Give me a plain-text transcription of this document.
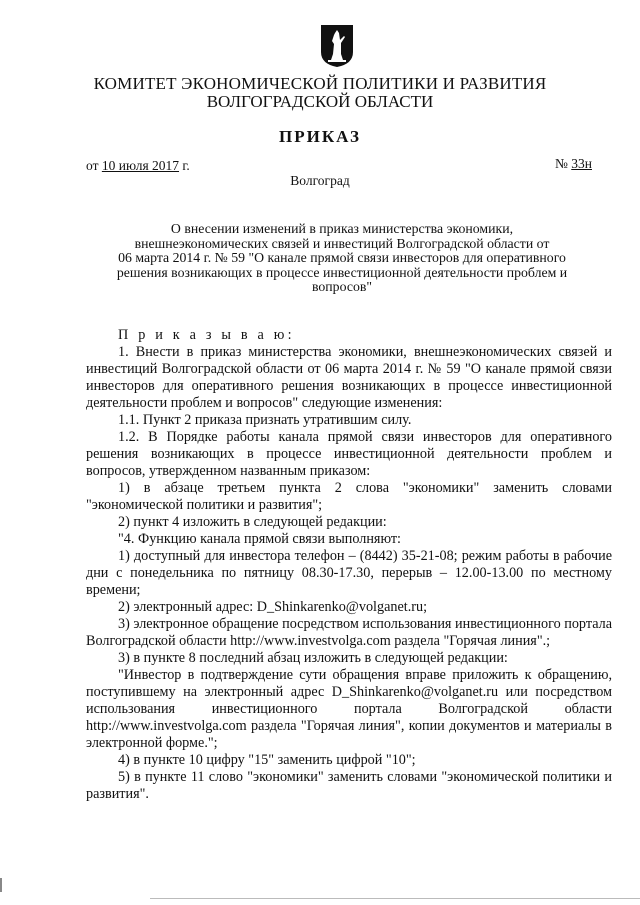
КОМИТЕТ ЭКОНОМИЧЕСКОЙ ПОЛИТИКИ И РАЗВИТИЯ
ВОЛГОГРАДСКОЙ ОБЛАСТИ
ПРИКАЗ
от 10 июля 2017 г.	№ 33н
Волгоград
О внесении изменений в приказ министерства экономики,
внешнеэкономических связей и инвестиций Волгоградской области от
06 марта 2014 г. № 59 "О канале прямой связи инвесторов для оперативного
решения возникающих в процессе инвестиционной деятельности проблем и
вопросов"

П р и к а з ы в а ю:

1. Внести в приказ министерства экономики, внешнеэкономических связей и инвестиций Волгоградской области от 06 марта 2014 г. № 59 "О канале прямой связи инвесторов для оперативного решения возникающих в процессе инвестиционной деятельности проблем и вопросов" следующие изменения:

1.1. Пункт 2 приказа признать утратившим силу.

1.2. В Порядке работы канала прямой связи инвесторов для оперативного решения возникающих в процессе инвестиционной деятельности проблем и вопросов, утвержденном названным приказом:

1) в абзаце третьем пункта 2 слова "экономики" заменить словами "экономической политики и развития";

2) пункт 4 изложить в следующей редакции:

"4. Функцию канала прямой связи выполняют:

1) доступный для инвестора телефон – (8442) 35-21-08; режим работы в рабочие дни с понедельника по пятницу 08.30-17.30, перерыв – 12.00-13.00 по местному времени;

2) электронный адрес: D_Shinkarenko@volganet.ru;

3) электронное обращение посредством использования инвестиционного портала Волгоградской области http://www.investvolga.com раздела "Горячая линия".;

3) в пункте 8 последний абзац изложить в следующей редакции:

"Инвестор в подтверждение сути обращения вправе приложить к обращению, поступившему на электронный адрес D_Shinkarenko@volganet.ru или посредством использования инвестиционного портала Волгоградской области http://www.investvolga.com раздела "Горячая линия", копии документов и материалы в электронной форме.";

4) в пункте 10 цифру "15" заменить цифрой "10";

5) в пункте 11 слово "экономики" заменить словами "экономической политики и развития".
